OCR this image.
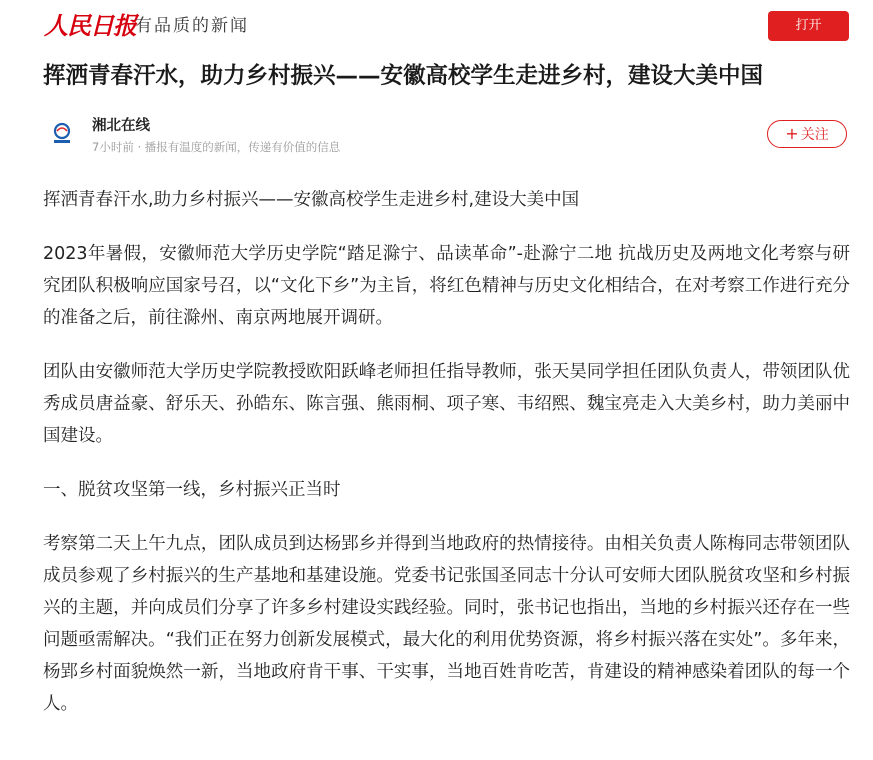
人民日报 有品质的新闻	打开
挥洒青春汗水，助力乡村振兴——安徽高校学生走进乡村，建设大美中国
湘北在线
7小时前 · 播报有温度的新闻，传递有价值的信息
+ 关注

挥洒青春汗水,助力乡村振兴——安徽高校学生走进乡村,建设大美中国

2023年暑假，安徽师范大学历史学院“踏足滁宁、品读革命”-赴滁宁二地 抗战历史及两地文化考察与研究团队积极响应国家号召，以“文化下乡”为主旨，将红色精神与历史文化相结合，在对考察工作进行充分的准备之后，前往滁州、南京两地展开调研。

团队由安徽师范大学历史学院教授欧阳跃峰老师担任指导教师，张天昊同学担任团队负责人，带领团队优秀成员唐益豪、舒乐天、孙皓东、陈言强、熊雨桐、项子寒、韦绍熙、魏宝亮走入大美乡村，助力美丽中国建设。

一、脱贫攻坚第一线，乡村振兴正当时

考察第二天上午九点，团队成员到达杨郢乡并得到当地政府的热情接待。由相关负责人陈梅同志带领团队成员参观了乡村振兴的生产基地和基建设施。党委书记张国圣同志十分认可安师大团队脱贫攻坚和乡村振兴的主题，并向成员们分享了许多乡村建设实践经验。同时，张书记也指出，当地的乡村振兴还存在一些问题亟需解决。“我们正在努力创新发展模式，最大化的利用优势资源，将乡村振兴落在实处”。多年来，杨郢乡村面貌焕然一新，当地政府肯干事、干实事，当地百姓肯吃苦，肯建设的精神感染着团队的每一个人。
